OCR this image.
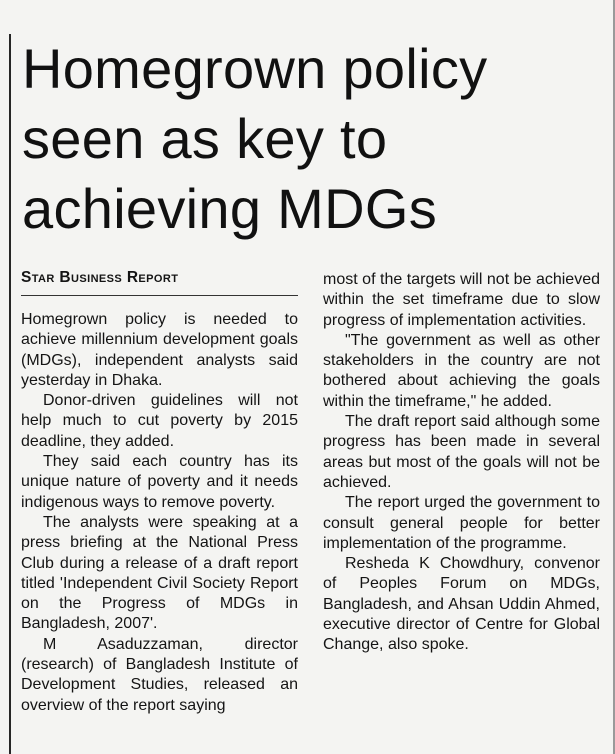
Homegrown policy seen as key to achieving MDGs
Star Business Report

Homegrown policy is needed to achieve millennium development goals (MDGs), independent analysts said yesterday in Dhaka.

Donor-driven guidelines will not help much to cut poverty by 2015 deadline, they added.

They said each country has its unique nature of poverty and it needs indigenous ways to remove poverty.

The analysts were speaking at a press briefing at the National Press Club during a release of a draft report titled 'Independent Civil Society Report on the Progress of MDGs in Bangladesh, 2007'.

M Asaduzzaman, director (research) of Bangladesh Institute of Development Studies, released an overview of the report saying

most of the targets will not be achieved within the set timeframe due to slow progress of implementation activities.

"The government as well as other stakeholders in the country are not bothered about achieving the goals within the timeframe," he added.

The draft report said although some progress has been made in several areas but most of the goals will not be achieved.

The report urged the government to consult general people for better implementation of the programme.

Resheda K Chowdhury, convenor of Peoples Forum on MDGs, Bangladesh, and Ahsan Uddin Ahmed, executive director of Centre for Global Change, also spoke.
